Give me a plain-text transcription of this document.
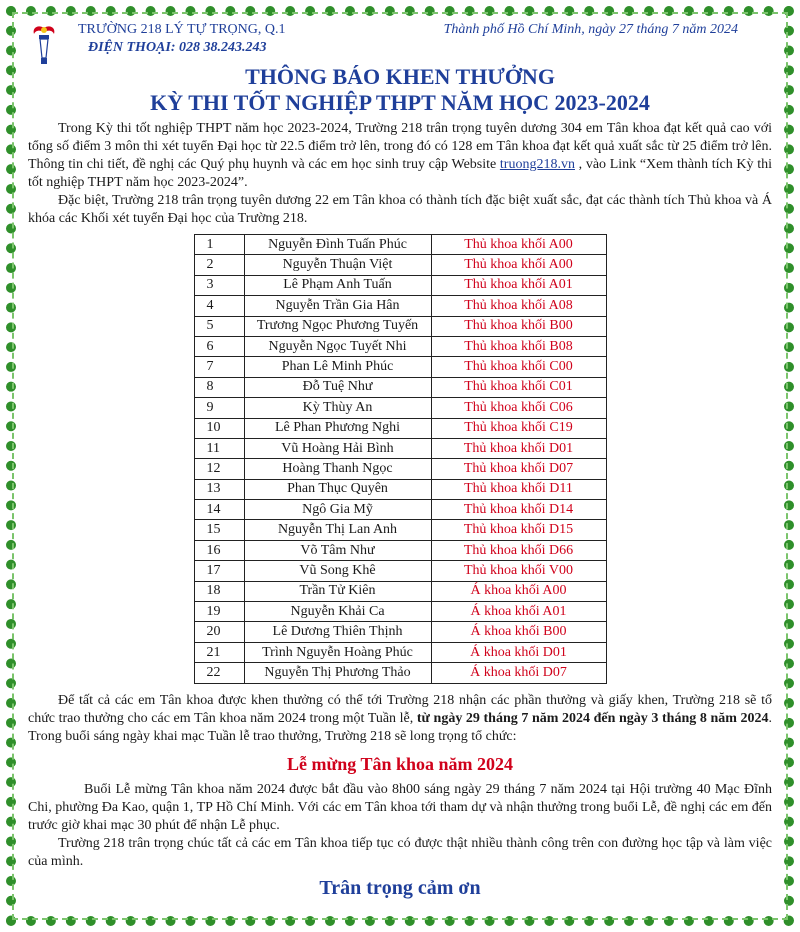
TRƯỜNG 218 LÝ TỰ TRỌNG, Q.1
ĐIỆN THOẠI: 028 38.243.243
Thành phố Hồ Chí Minh, ngày 27 tháng 7 năm 2024
THÔNG BÁO KHEN THƯỞNG
KỲ THI TỐT NGHIỆP THPT NĂM HỌC 2023-2024

Trong Kỳ thi tốt nghiệp THPT năm học 2023-2024, Trường 218 trân trọng tuyên dương 304 em Tân khoa đạt kết quả cao với tổng số điểm 3 môn thi xét tuyển Đại học từ 22.5 điểm trở lên, trong đó có 128 em Tân khoa đạt kết quả xuất sắc từ 25 điểm trở lên. Thông tin chi tiết, đề nghị các Quý phụ huynh và các em học sinh truy cập Website truong218.vn , vào Link “Xem thành tích Kỳ thi tốt nghiệp THPT năm học 2023-2024”.

Đặc biệt, Trường 218 trân trọng tuyên dương 22 em Tân khoa có thành tích đặc biệt xuất sắc, đạt các thành tích Thủ khoa và Á khóa các Khối xét tuyển Đại học của Trường 218.

1	Nguyễn Đình Tuấn Phúc	Thủ khoa khối A00
2	Nguyễn Thuận Việt	Thủ khoa khối A00
3	Lê Phạm Anh Tuấn	Thủ khoa khối A01
4	Nguyễn Trần Gia Hân	Thủ khoa khối A08
5	Trương Ngọc Phương Tuyến	Thủ khoa khối B00
6	Nguyễn Ngọc Tuyết Nhi	Thủ khoa khối B08
7	Phan Lê Minh Phúc	Thủ khoa khối C00
8	Đỗ Tuệ Như	Thủ khoa khối C01
9	Kỳ Thùy An	Thủ khoa khối C06
10	Lê Phan Phương Nghi	Thủ khoa khối C19
11	Vũ Hoàng Hải Bình	Thủ khoa khối D01
12	Hoàng Thanh Ngọc	Thủ khoa khối D07
13	Phan Thục Quyên	Thủ khoa khối D11
14	Ngô Gia Mỹ	Thủ khoa khối D14
15	Nguyễn Thị Lan Anh	Thủ khoa khối D15
16	Võ Tâm Như	Thủ khoa khối D66
17	Vũ Song Khê	Thủ khoa khối V00
18	Trần Tử Kiên	Á khoa khối A00
19	Nguyễn Khải Ca	Á khoa khối A01
20	Lê Dương Thiên Thịnh	Á khoa khối B00
21	Trình Nguyễn Hoàng Phúc	Á khoa khối D01
22	Nguyễn Thị Phương Thảo	Á khoa khối D07

Để tất cả các em Tân khoa được khen thưởng có thể tới Trường 218 nhận các phần thưởng và giấy khen, Trường 218 sẽ tổ chức trao thưởng cho các em Tân khoa năm 2024 trong một Tuần lễ, từ ngày 29 tháng 7 năm 2024 đến ngày 3 tháng 8 năm 2024. Trong buổi sáng ngày khai mạc Tuần lễ trao thưởng, Trường 218 sẽ long trọng tổ chức:

Lễ mừng Tân khoa năm 2024

Buổi Lễ mừng Tân khoa năm 2024 được bắt đầu vào 8h00 sáng ngày 29 tháng 7 năm 2024 tại Hội trường 40 Mạc Đĩnh Chi, phường Đa Kao, quận 1, TP Hồ Chí Minh. Với các em Tân khoa tới tham dự và nhận thưởng trong buổi Lễ, đề nghị các em đến trước giờ khai mạc 30 phút để nhận Lễ phục.

Trường 218 trân trọng chúc tất cả các em Tân khoa tiếp tục có được thật nhiều thành công trên con đường học tập và làm việc của mình.

Trân trọng cảm ơn
